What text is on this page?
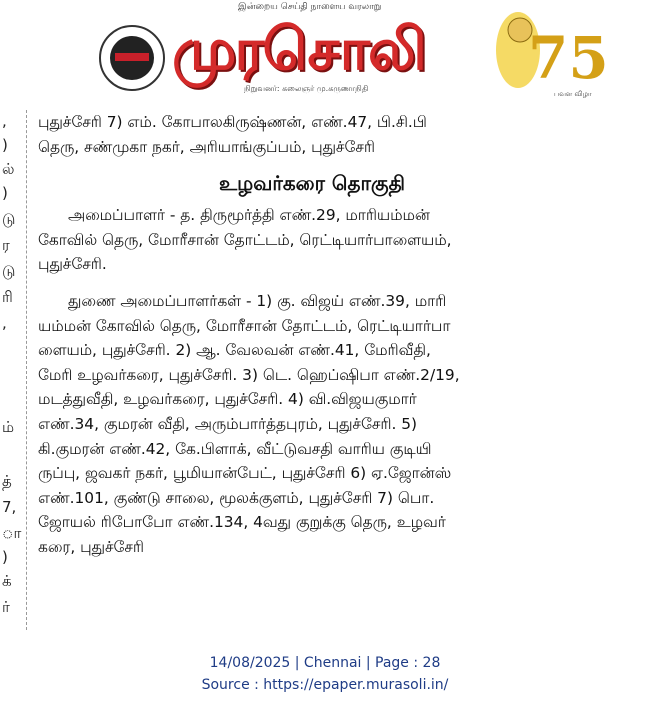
இன்றைய செய்தி நாளைய வரலாறு
முரசொலி
நிறுவனர்: கலைஞர் மு.கருணாநிதி	75
பவள விழா
,
)
ல்
)
டு
ர
டு
ரி
,
ம்
த்
7,
ா
)
க்
ர்
புதுச்சேரி 7) எம். கோபாலகிருஷ்ணன், எண்.47, பி.சி.பி
தெரு, சண்முகா நகர், அரியாங்குப்பம், புதுச்சேரி
உழவர்கரை தொகுதி
அமைப்பாளர் - த. திருமூர்த்தி எண்.29, மாரியம்மன்
கோவில் தெரு, மோரீசான் தோட்டம், ரெட்டியார்பாளையம்,
புதுச்சேரி.
துணை அமைப்பாளர்கள் - 1) கு. விஜய் எண்.39, மாரி
யம்மன் கோவில் தெரு, மோரீசான் தோட்டம், ரெட்டியார்பா
ளையம், புதுச்சேரி. 2) ஆ. வேலவன் எண்.41, மேரிவீதி,
மேரி உழவர்கரை, புதுச்சேரி. 3) டெ. ஹெப்ஷிபா எண்.2/19,
மடத்துவீதி, உழவர்கரை, புதுச்சேரி. 4) வி.விஜயகுமார்
எண்.34, குமரன் வீதி, அரும்பார்த்தபுரம், புதுச்சேரி. 5)
கி.குமரன் எண்.42, கே.பிளாக், வீட்டுவசதி வாரிய குடியி
ருப்பு, ஜவகர் நகர், பூமியான்பேட், புதுச்சேரி 6) ஏ.ஜோன்ஸ்
எண்.101, குண்டு சாலை, மூலக்குளம், புதுச்சேரி 7) பொ.
ஜோயல் ரிபோபோ எண்.134, 4வது குறுக்கு தெரு, உழவர்
கரை, புதுச்சேரி
14/08/2025 | Chennai | Page : 28
Source : https://epaper.murasoli.in/
